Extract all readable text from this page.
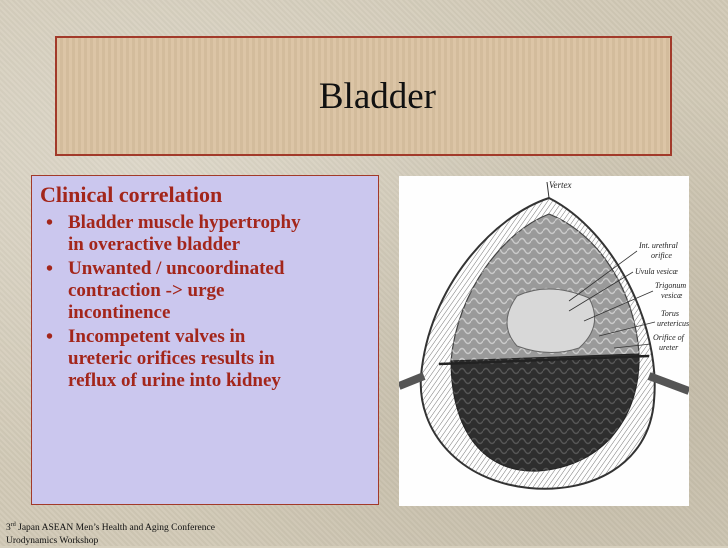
Bladder
Clinical correlation
• Bladder muscle hypertrophy
in overactive bladder
• Unwanted / uncoordinated
contraction -> urge
incontinence
• Incompetent valves in
ureteric orifices results in
reflux of urine into kidney
Vertex
Int. urethral
orifice
Uvula vesicæ
Trigonum
vesicæ
Torus
uretericus
Orifice of
ureter
3rd Japan ASEAN Men’s Health and Aging Conference
Urodynamics Workshop
